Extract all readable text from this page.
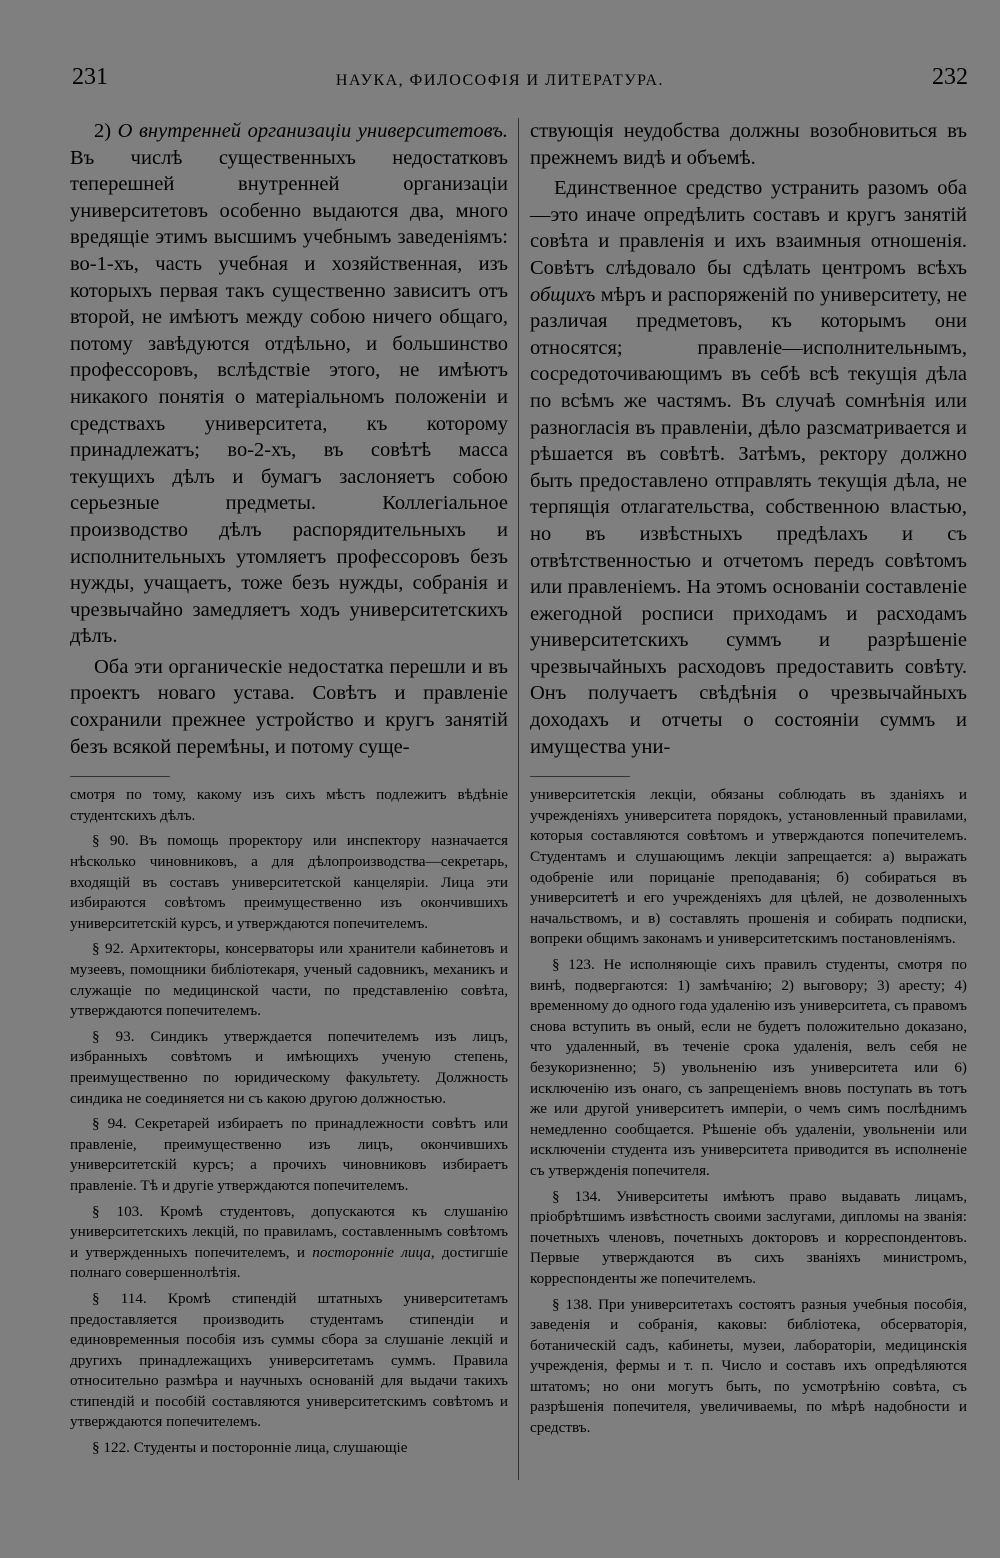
231	НАУКА, ФИЛОСОФІЯ И ЛИТЕРАТУРА.	232

2) О внутренней организаціи университетовъ. Въ числѣ существенныхъ недостатковъ теперешней внутренней организаціи университетовъ особенно выдаются два, много вредящіе этимъ высшимъ учебнымъ заведеніямъ: во-1-хъ, часть учебная и хозяйственная, изъ которыхъ первая такъ существенно зависитъ отъ второй, не имѣютъ между собою ничего общаго, потому завѣдуются отдѣльно, и большинство профессоровъ, вслѣдствіе этого, не имѣютъ никакого понятія о матеріальномъ положеніи и средствахъ университета, къ которому принадлежатъ; во-2-хъ, въ совѣтѣ масса текущихъ дѣлъ и бумагъ заслоняетъ собою серьезные предметы. Коллегіальное производство дѣлъ распорядительныхъ и исполнительныхъ утомляетъ профессоровъ безъ нужды, учащаетъ, тоже безъ нужды, собранія и чрезвычайно замедляетъ ходъ университетскихъ дѣлъ.

Оба эти органическіе недостатка перешли и въ проектъ новаго устава. Совѣтъ и правленіе сохранили прежнее устройство и кругъ занятій безъ всякой перемѣны, и потому суще-

смотря по тому, какому изъ сихъ мѣстъ подлежитъ вѣдѣніе студентскихъ дѣлъ.

§ 90. Въ помощь проректору или инспектору назначается нѣсколько чиновниковъ, а для дѣлопроизводства—секретарь, входящій въ составъ университетской канцеляріи. Лица эти избираются совѣтомъ преимущественно изъ окончившихъ университетскій курсъ, и утверждаются попечителемъ.

§ 92. Архитекторы, консерваторы или хранители кабинетовъ и музеевъ, помощники библіотекаря, ученый садовникъ, механикъ и служащіе по медицинской части, по представленію совѣта, утверждаются попечителемъ.

§ 93. Синдикъ утверждается попечителемъ изъ лицъ, избранныхъ совѣтомъ и имѣющихъ ученую степень, преимущественно по юридическому факультету. Должность синдика не соединяется ни съ какою другою должностью.

§ 94. Секретарей избираетъ по принадлежности совѣтъ или правленіе, преимущественно изъ лицъ, окончившихъ университетскій курсъ; а прочихъ чиновниковъ избираетъ правленіе. Тѣ и другіе утверждаются попечителемъ.

§ 103. Кромѣ студентовъ, допускаются къ слушанію университетскихъ лекцій, по правиламъ, составленнымъ совѣтомъ и утвержденныхъ попечителемъ, и посторонніе лица, достигшіе полнаго совершеннолѣтія.

§ 114. Кромѣ стипендій штатныхъ университетамъ предоставляется производить студентамъ стипендіи и единовременныя пособія изъ суммы сбора за слушаніе лекцій и другихъ принадлежащихъ университетамъ суммъ. Правила относительно размѣра и научныхъ основаній для выдачи такихъ стипендій и пособій составляются университетскимъ совѣтомъ и утверждаются попечителемъ.

§ 122. Студенты и посторонніе лица, слушающіе

ствующія неудобства должны возобновиться въ прежнемъ видѣ и объемѣ.

Единственное средство устранить разомъ оба—это иначе опредѣлить составъ и кругъ занятій совѣта и правленія и ихъ взаимныя отношенія. Совѣтъ слѣдовало бы сдѣлать центромъ всѣхъ общихъ мѣръ и распоряженій по университету, не различая предметовъ, къ которымъ они относятся; правленіе—исполнительнымъ, сосредоточивающимъ въ себѣ всѣ текущія дѣла по всѣмъ же частямъ. Въ случаѣ сомнѣнія или разногласія въ правленіи, дѣло разсматривается и рѣшается въ совѣтѣ. Затѣмъ, ректору должно быть предоставлено отправлять текущія дѣла, не терпящія отлагательства, собственною властью, но въ извѣстныхъ предѣлахъ и съ отвѣтственностью и отчетомъ передъ совѣтомъ или правленіемъ. На этомъ основаніи составленіе ежегодной росписи приходамъ и расходамъ университетскихъ суммъ и разрѣшеніе чрезвычайныхъ расходовъ предоставить совѣту. Онъ получаетъ свѣдѣнія о чрезвычайныхъ доходахъ и отчеты о состояніи суммъ и имущества уни-

университетскія лекціи, обязаны соблюдать въ зданіяхъ и учрежденіяхъ университета порядокъ, установленный правилами, которыя составляются совѣтомъ и утверждаются попечителемъ. Студентамъ и слушающимъ лекціи запрещается: а) выражать одобреніе или порицаніе преподаванія; б) собираться въ университетѣ и его учрежденіяхъ для цѣлей, не дозволенныхъ начальствомъ, и в) составлять прошенія и собирать подписки, вопреки общимъ законамъ и университетскимъ постановленіямъ.

§ 123. Не исполняющіе сихъ правилъ студенты, смотря по винѣ, подвергаются: 1) замѣчанію; 2) выговору; 3) аресту; 4) временному до одного года удаленію изъ университета, съ правомъ снова вступить въ оный, если не будетъ положительно доказано, что удаленный, въ теченіе срока удаленія, велъ себя не безукоризненно; 5) увольненію изъ университета или 6) исключенію изъ онаго, съ запрещеніемъ вновь поступать въ тотъ же или другой университетъ имперіи, о чемъ симъ послѣднимъ немедленно сообщается. Рѣшеніе объ удаленіи, увольненіи или исключеніи студента изъ университета приводится въ исполненіе съ утвержденія попечителя.

§ 134. Университеты имѣютъ право выдавать лицамъ, пріобрѣтшимъ извѣстность своими заслугами, дипломы на званія: почетныхъ членовъ, почетныхъ докторовъ и корреспондентовъ. Первые утверждаются въ сихъ званіяхъ министромъ, корреспонденты же попечителемъ.

§ 138. При университетахъ состоятъ разныя учебныя пособія, заведенія и собранія, каковы: библіотека, обсерваторія, ботаническій садъ, кабинеты, музеи, лабораторіи, медицинскія учрежденія, фермы и т. п. Число и составъ ихъ опредѣляются штатомъ; но они могутъ быть, по усмотрѣнію совѣта, съ разрѣшенія попечителя, увеличиваемы, по мѣрѣ надобности и средствъ.
